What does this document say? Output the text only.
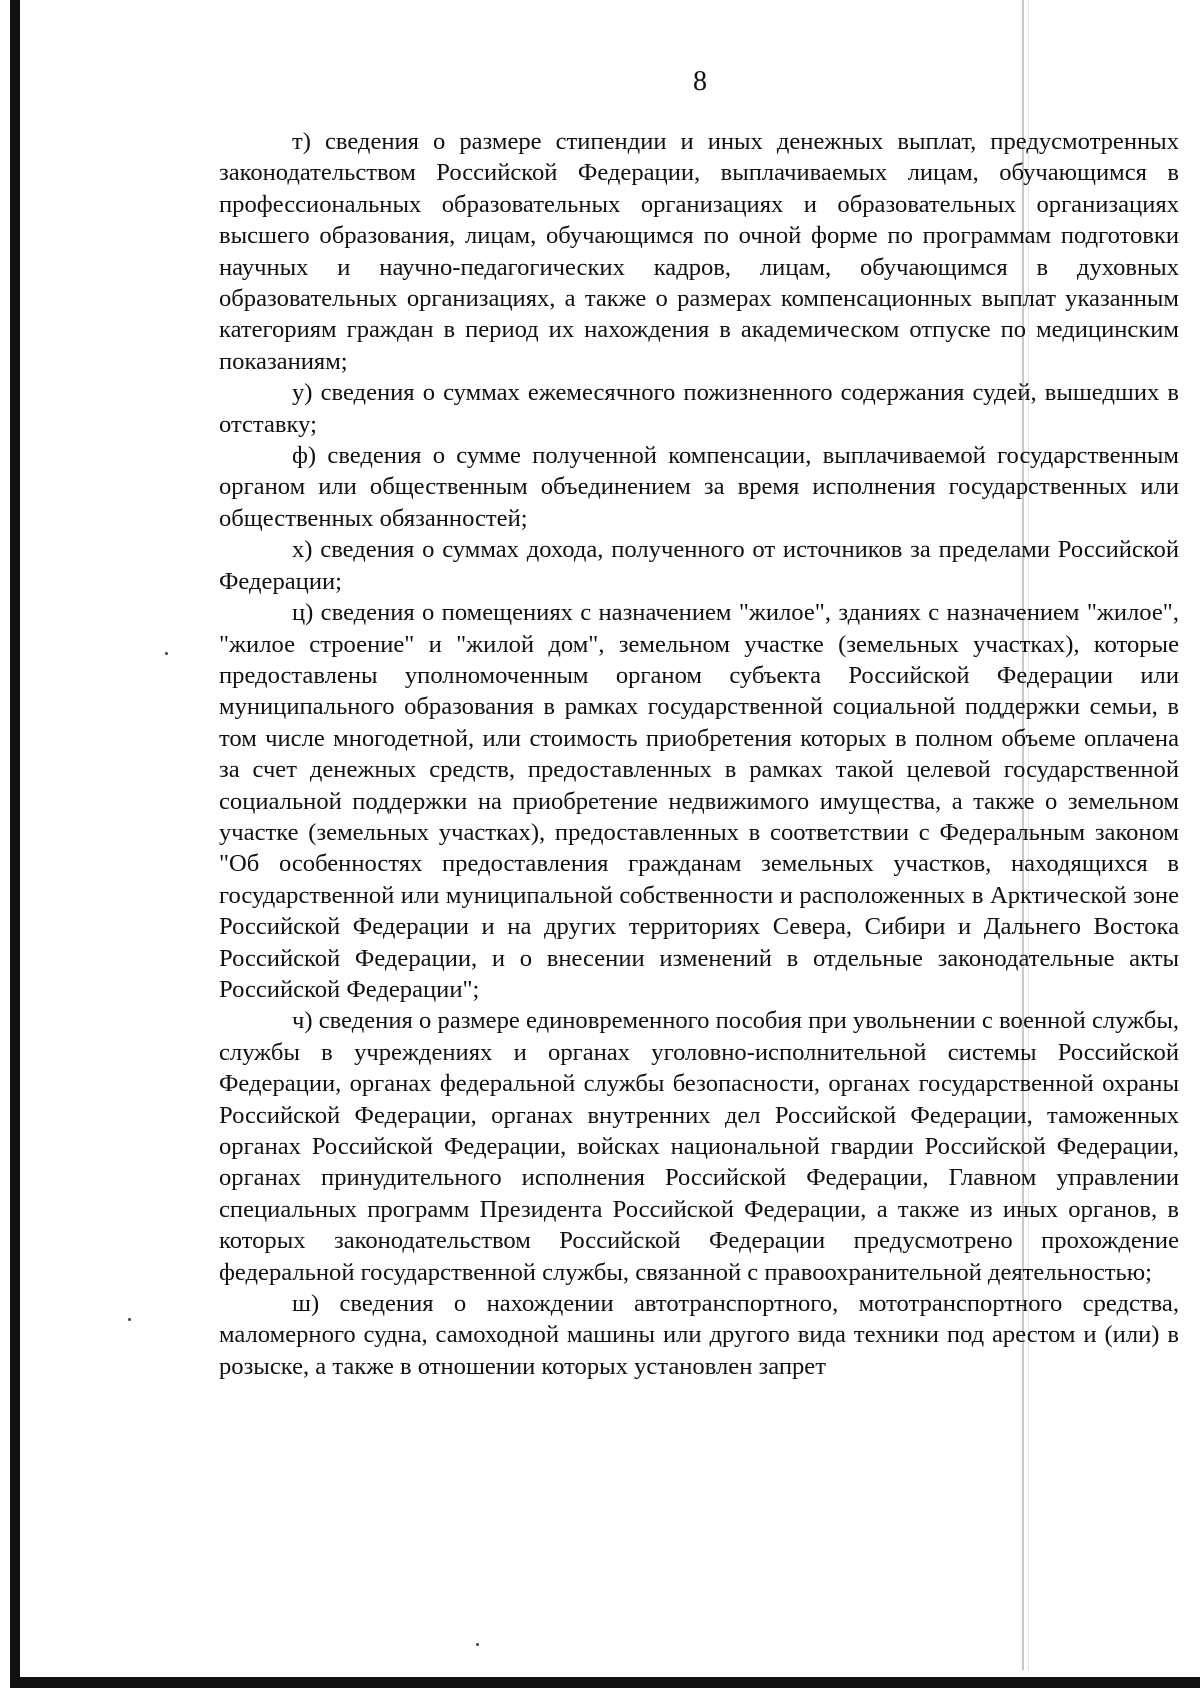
8

т) сведения о размере стипендии и иных денежных выплат, предусмотренных законодательством Российской Федерации, выплачиваемых лицам, обучающимся в профессиональных образовательных организациях и образовательных организациях высшего образования, лицам, обучающимся по очной форме по программам подготовки научных и научно-педагогических кадров, лицам, обучающимся в духовных образовательных организациях, а также о размерах компенсационных выплат указанным категориям граждан в период их нахождения в академическом отпуске по медицинским показаниям;

у) сведения о суммах ежемесячного пожизненного содержания судей, вышедших в отставку;

ф) сведения о сумме полученной компенсации, выплачиваемой государственным органом или общественным объединением за время исполнения государственных или общественных обязанностей;

х) сведения о суммах дохода, полученного от источников за пределами Российской Федерации;

ц) сведения о помещениях с назначением "жилое", зданиях с назначением "жилое", "жилое строение" и "жилой дом", земельном участке (земельных участках), которые предоставлены уполномоченным органом субъекта Российской Федерации или муниципального образования в рамках государственной социальной поддержки семьи, в том числе многодетной, или стоимость приобретения которых в полном объеме оплачена за счет денежных средств, предоставленных в рамках такой целевой государственной социальной поддержки на приобретение недвижимого имущества, а также о земельном участке (земельных участках), предоставленных в соответствии с Федеральным законом "Об особенностях предоставления гражданам земельных участков, находящихся в государственной или муниципальной собственности и расположенных в Арктической зоне Российской Федерации и на других территориях Севера, Сибири и Дальнего Востока Российской Федерации, и о внесении изменений в отдельные законодательные акты Российской Федерации";

ч) сведения о размере единовременного пособия при увольнении с военной службы, службы в учреждениях и органах уголовно-исполнительной системы Российской Федерации, органах федеральной службы безопасности, органах государственной охраны Российской Федерации, органах внутренних дел Российской Федерации, таможенных органах Российской Федерации, войсках национальной гвардии Российской Федерации, органах принудительного исполнения Российской Федерации, Главном управлении специальных программ Президента Российской Федерации, а также из иных органов, в которых законодательством Российской Федерации предусмотрено прохождение федеральной государственной службы, связанной с правоохранительной деятельностью;

ш) сведения о нахождении автотранспортного, мототранспортного средства, маломерного судна, самоходной машины или другого вида техники под арестом и (или) в розыске, а также в отношении которых установлен запрет
